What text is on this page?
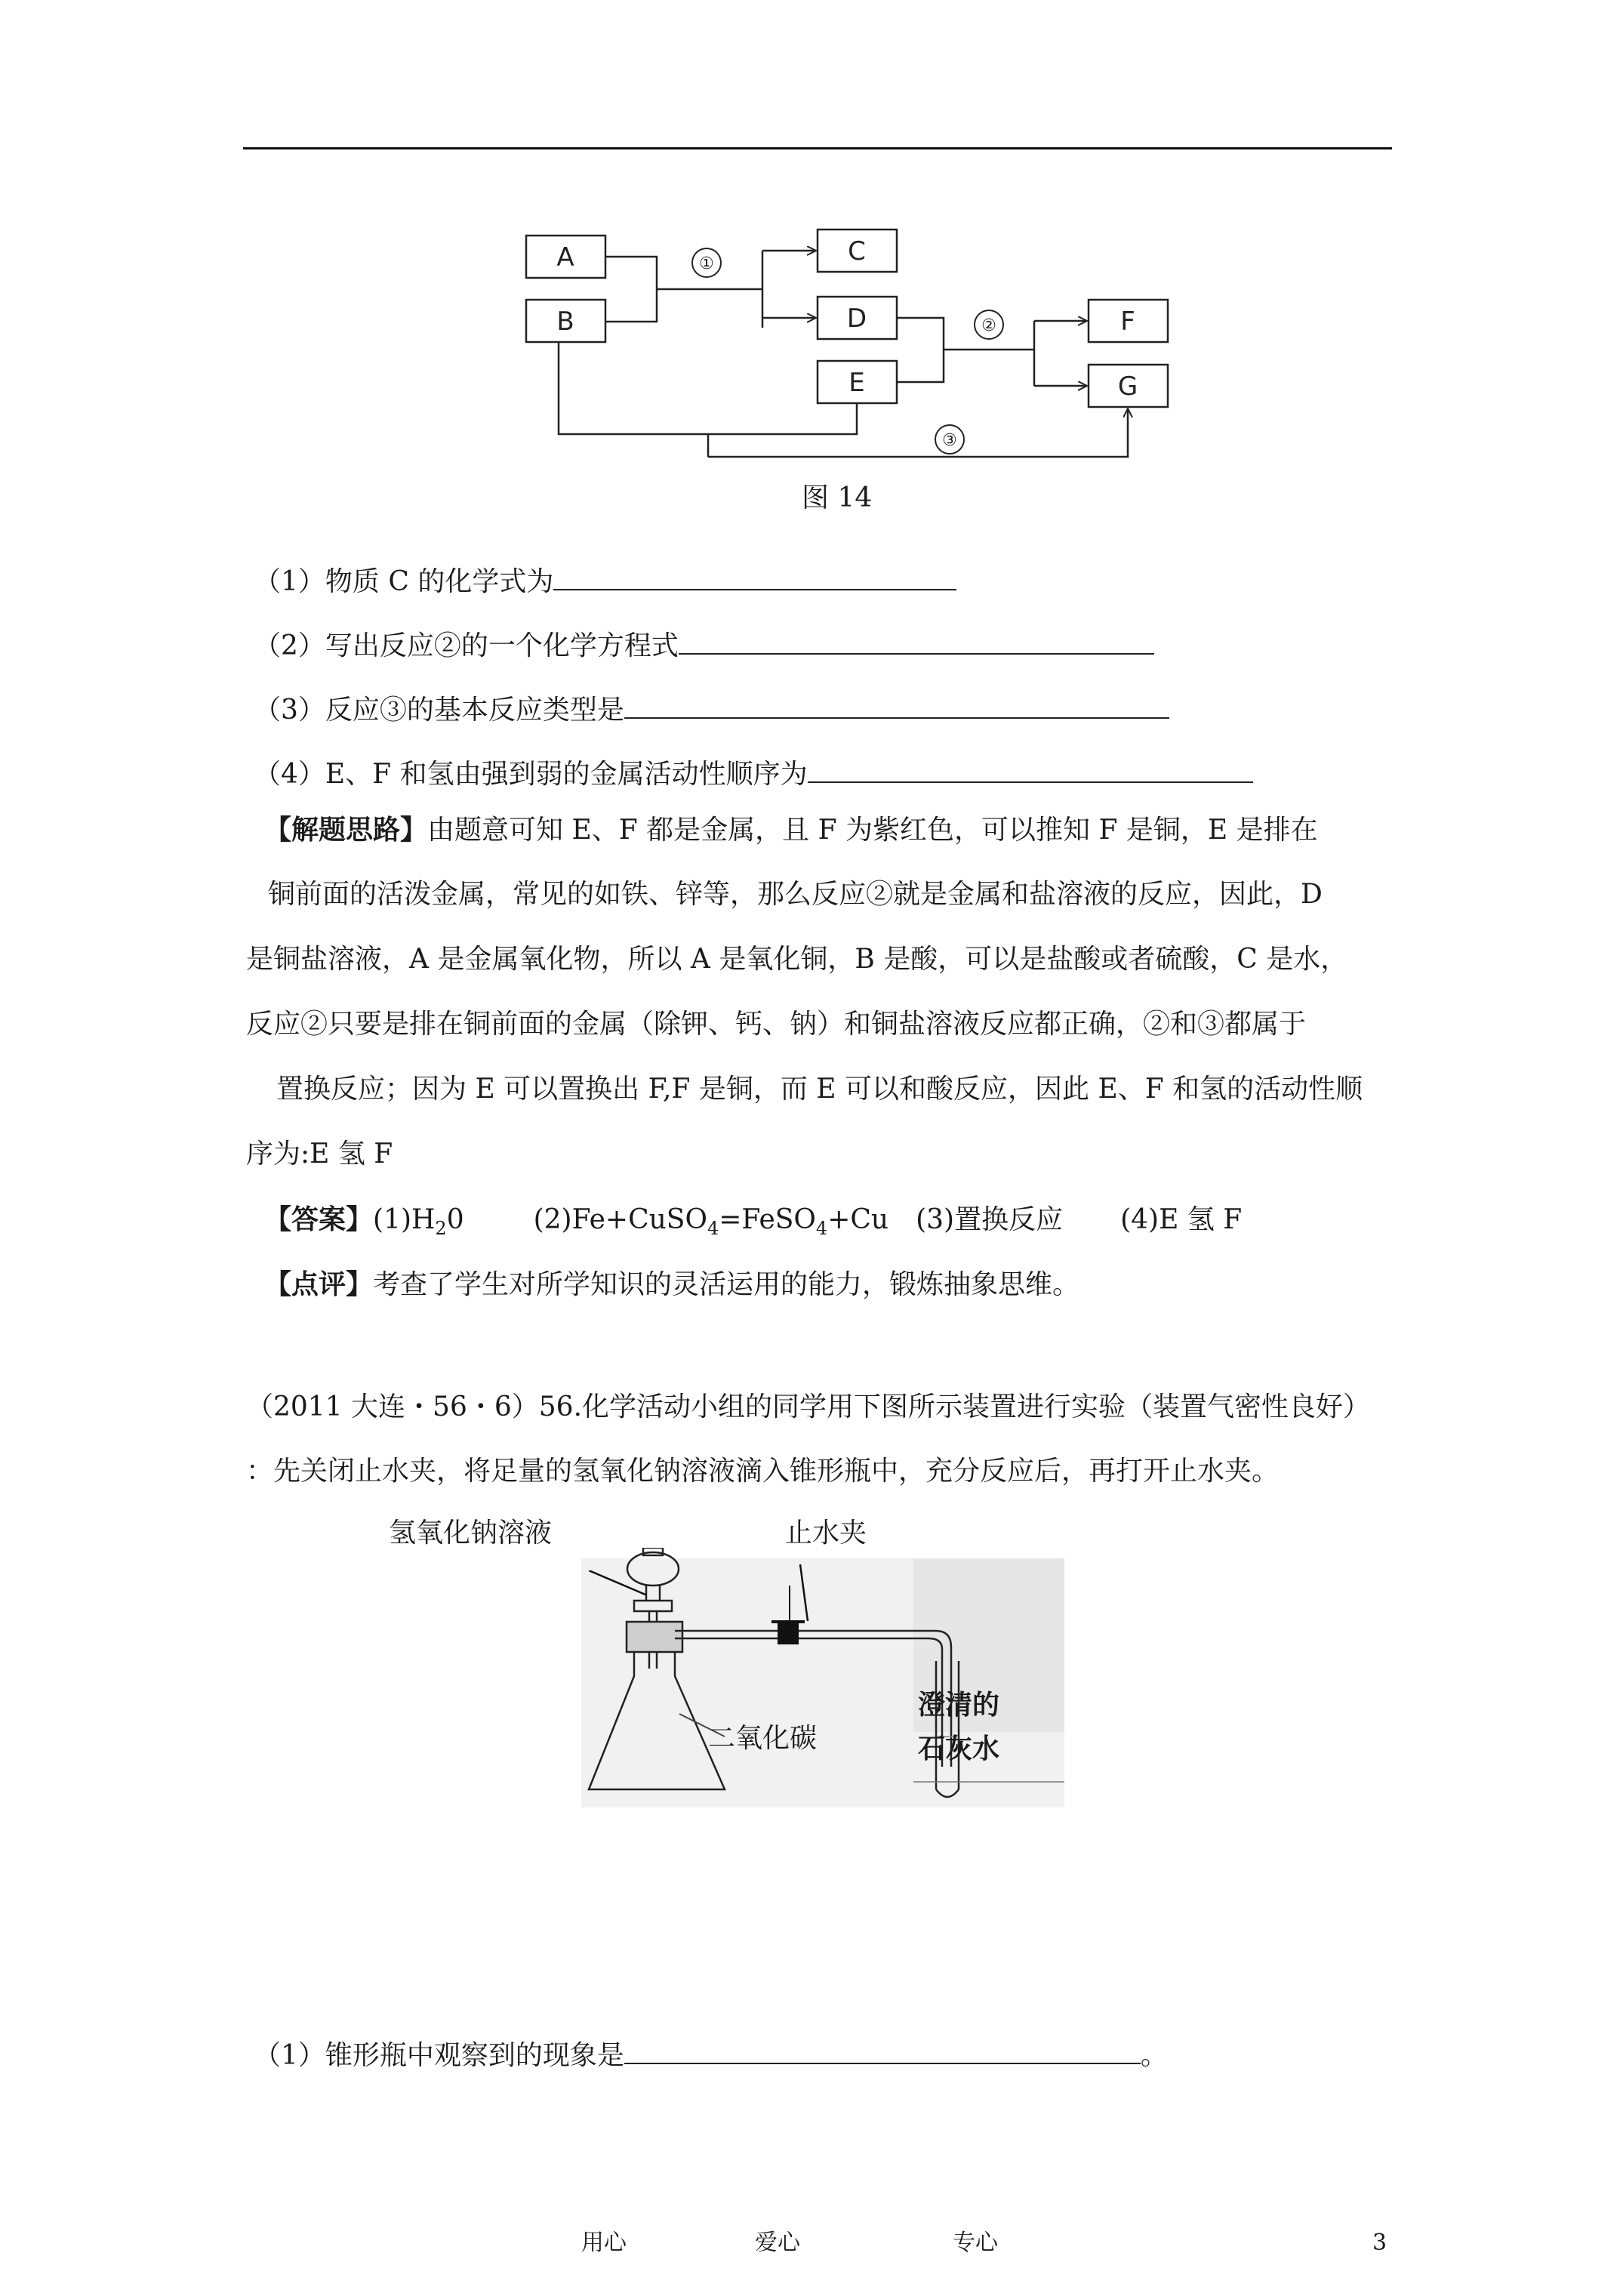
A
B
C
D
E
F
G
①
②
③
图 14
（1）物质 C 的化学式为
（2）写出反应②的一个化学方程式
（3）反应③的基本反应类型是
（4）E、F 和氢由强到弱的金属活动性顺序为
【解题思路】由题意可知 E、F 都是金属，且 F 为紫红色，可以推知 F 是铜，E 是排在
铜前面的活泼金属，常见的如铁、锌等，那么反应②就是金属和盐溶液的反应，因此，D
是铜盐溶液，A 是金属氧化物，所以 A 是氧化铜，B 是酸，可以是盐酸或者硫酸，C 是水，
反应②只要是排在铜前面的金属（除钾、钙、钠）和铜盐溶液反应都正确，②和③都属于
置换反应；因为 E 可以置换出 F,F 是铜，而 E 可以和酸反应，因此 E、F 和氢的活动性顺
序为:E 氢 F
【答案】$(1)H_20$	(2)Fe+CuSO$_4$=FeSO$_4$+Cu (3)置换反应 (4)E 氢 F
【点评】考查了学生对所学知识的灵活运用的能力，锻炼抽象思维。
（2011 大连・56・6）56.化学活动小组的同学用下图所示装置进行实验（装置气密性良好）
：先关闭止水夹，将足量的氢氧化钠溶液滴入锥形瓶中，充分反应后，再打开止水夹。
氢氧化钠溶液	止水夹
二氧化碳
澄清的
石灰水
（1）锥形瓶中观察到的现象是	。
用心	爱心	专心	3
